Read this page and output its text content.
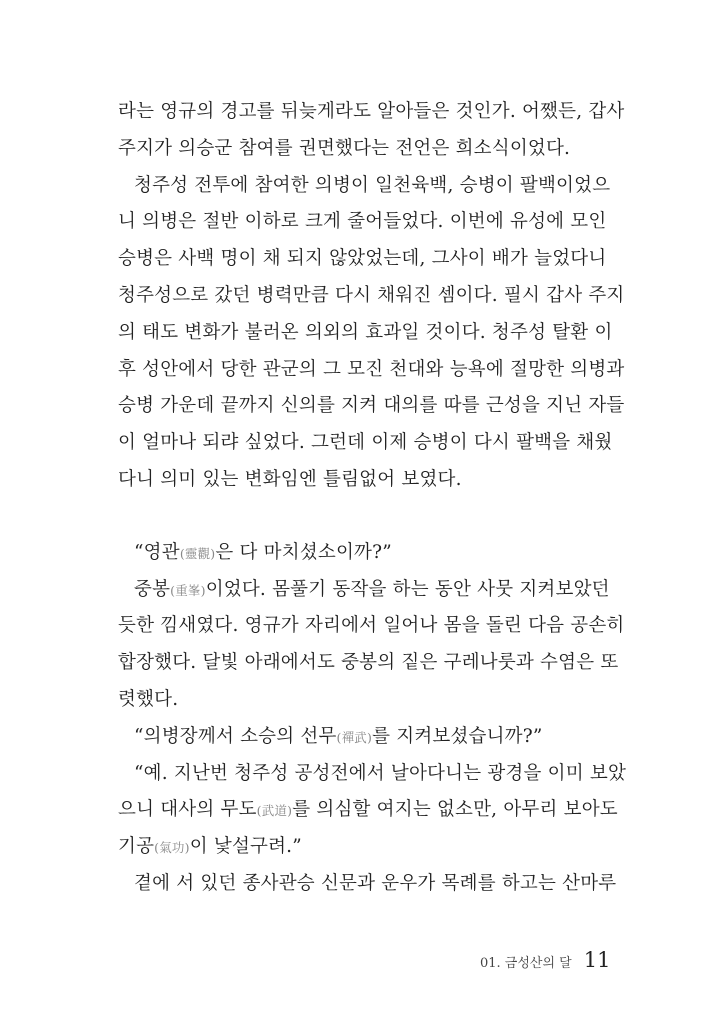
라는 영규의 경고를 뒤늦게라도 알아들은 것인가. 어쨌든, 갑사
주지가 의승군 참여를 권면했다는 전언은 희소식이었다.
청주성 전투에 참여한 의병이 일천육백, 승병이 팔백이었으
니 의병은 절반 이하로 크게 줄어들었다. 이번에 유성에 모인
승병은 사백 명이 채 되지 않았었는데, 그사이 배가 늘었다니
청주성으로 갔던 병력만큼 다시 채워진 셈이다. 필시 갑사 주지
의 태도 변화가 불러온 의외의 효과일 것이다. 청주성 탈환 이
후 성안에서 당한 관군의 그 모진 천대와 능욕에 절망한 의병과
승병 가운데 끝까지 신의를 지켜 대의를 따를 근성을 지닌 자들
이 얼마나 되랴 싶었다. 그런데 이제 승병이 다시 팔백을 채웠
다니 의미 있는 변화임엔 틀림없어 보였다.
“영관(靈觀)은 다 마치셨소이까?”
중봉(重峯)이었다. 몸풀기 동작을 하는 동안 사뭇 지켜보았던
듯한 낌새였다. 영규가 자리에서 일어나 몸을 돌린 다음 공손히
합장했다. 달빛 아래에서도 중봉의 짙은 구레나룻과 수염은 또
렷했다.
“의병장께서 소승의 선무(禪武)를 지켜보셨습니까?”
“예. 지난번 청주성 공성전에서 날아다니는 광경을 이미 보았
으니 대사의 무도(武道)를 의심할 여지는 없소만, 아무리 보아도
기공(氣功)이 낯설구려.”
곁에 서 있던 종사관승 신문과 운우가 목례를 하고는 산마루
01. 금성산의 달 11
